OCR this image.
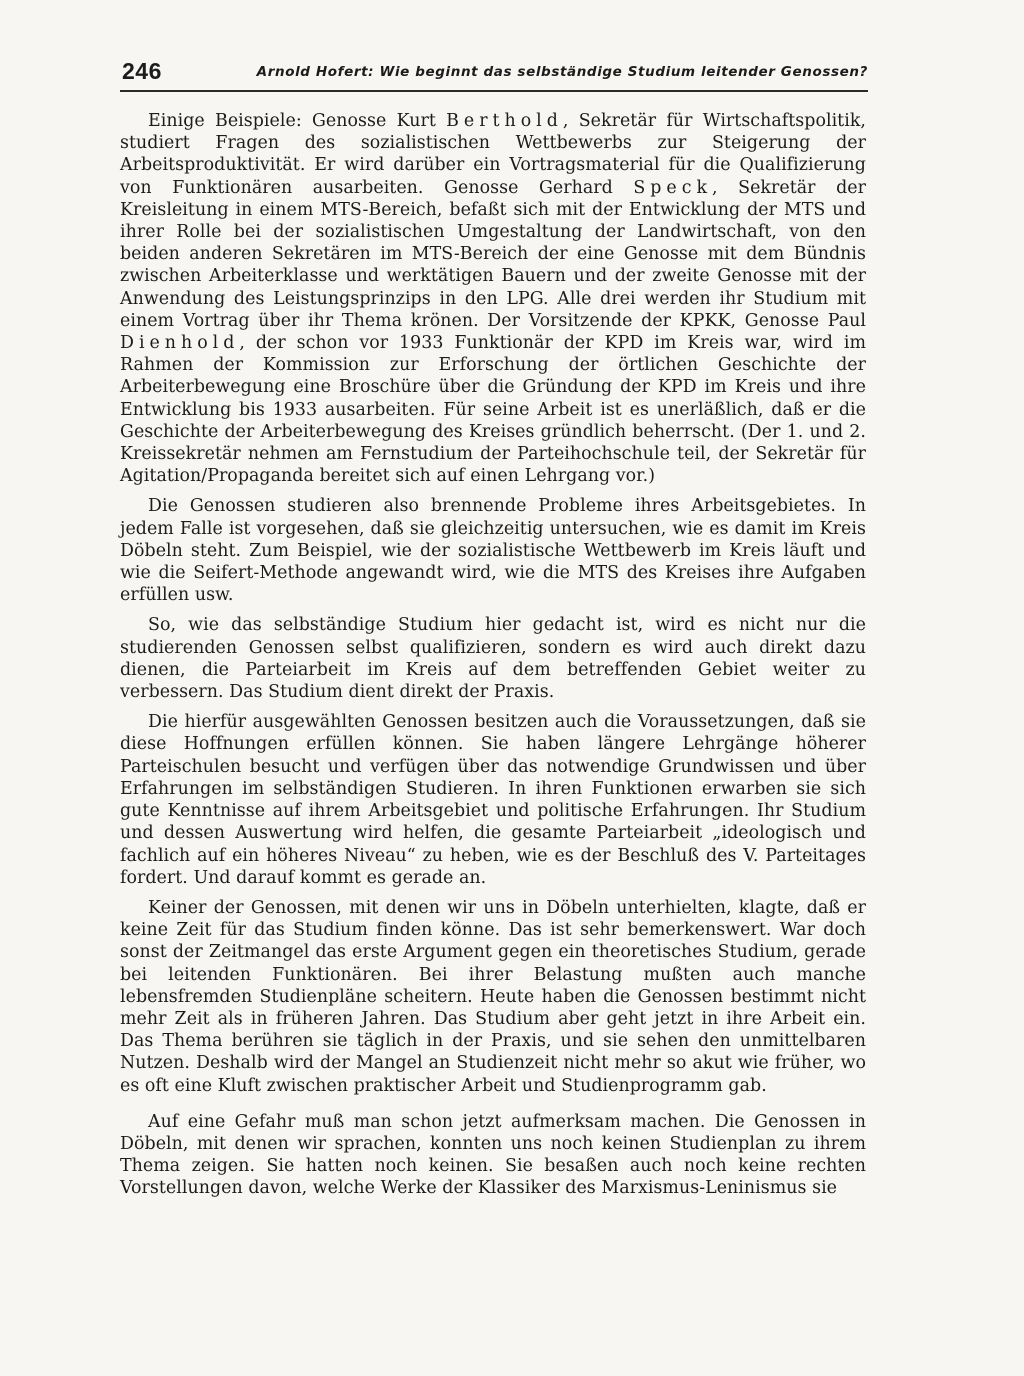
246	Arnold Hofert: Wie beginnt das selbständige Studium leitender Genossen?

Einige Beispiele: Genosse Kurt Berthold, Sekretär für Wirtschaftspolitik, studiert Fragen des sozialistischen Wettbewerbs zur Steigerung der Arbeitsproduktivität. Er wird darüber ein Vortragsmaterial für die Qualifizierung von Funktionären ausarbeiten. Genosse Gerhard Speck, Sekretär der Kreisleitung in einem MTS-Bereich, befaßt sich mit der Entwicklung der MTS und ihrer Rolle bei der sozialistischen Umgestaltung der Landwirtschaft, von den beiden anderen Sekretären im MTS-Bereich der eine Genosse mit dem Bündnis zwischen Arbeiterklasse und werktätigen Bauern und der zweite Genosse mit der Anwendung des Leistungsprinzips in den LPG. Alle drei werden ihr Studium mit einem Vortrag über ihr Thema krönen. Der Vorsitzende der KPKK, Genosse Paul Dienhold, der schon vor 1933 Funktionär der KPD im Kreis war, wird im Rahmen der Kommission zur Erforschung der örtlichen Geschichte der Arbeiterbewegung eine Broschüre über die Gründung der KPD im Kreis und ihre Entwicklung bis 1933 ausarbeiten. Für seine Arbeit ist es unerläßlich, daß er die Geschichte der Arbeiterbewegung des Kreises gründlich beherrscht. (Der 1. und 2. Kreissekretär nehmen am Fernstudium der Parteihochschule teil, der Sekretär für Agitation/Propaganda bereitet sich auf einen Lehrgang vor.)

Die Genossen studieren also brennende Probleme ihres Arbeitsgebietes. In jedem Falle ist vorgesehen, daß sie gleichzeitig untersuchen, wie es damit im Kreis Döbeln steht. Zum Beispiel, wie der sozialistische Wettbewerb im Kreis läuft und wie die Seifert-Methode angewandt wird, wie die MTS des Kreises ihre Aufgaben erfüllen usw.

So, wie das selbständige Studium hier gedacht ist, wird es nicht nur die studierenden Genossen selbst qualifizieren, sondern es wird auch direkt dazu dienen, die Parteiarbeit im Kreis auf dem betreffenden Gebiet weiter zu verbessern. Das Studium dient direkt der Praxis.

Die hierfür ausgewählten Genossen besitzen auch die Voraussetzungen, daß sie diese Hoffnungen erfüllen können. Sie haben längere Lehrgänge höherer Parteischulen besucht und verfügen über das notwendige Grundwissen und über Erfahrungen im selbständigen Studieren. In ihren Funktionen erwarben sie sich gute Kenntnisse auf ihrem Arbeitsgebiet und politische Erfahrungen. Ihr Studium und dessen Auswertung wird helfen, die gesamte Parteiarbeit „ideologisch und fachlich auf ein höheres Niveau“ zu heben, wie es der Beschluß des V. Parteitages fordert. Und darauf kommt es gerade an.

Keiner der Genossen, mit denen wir uns in Döbeln unterhielten, klagte, daß er keine Zeit für das Studium finden könne. Das ist sehr bemerkenswert. War doch sonst der Zeitmangel das erste Argument gegen ein theoretisches Studium, gerade bei leitenden Funktionären. Bei ihrer Belastung mußten auch manche lebensfremden Studienpläne scheitern. Heute haben die Genossen bestimmt nicht mehr Zeit als in früheren Jahren. Das Studium aber geht jetzt in ihre Arbeit ein. Das Thema berühren sie täglich in der Praxis, und sie sehen den unmittelbaren Nutzen. Deshalb wird der Mangel an Studienzeit nicht mehr so akut wie früher, wo es oft eine Kluft zwischen praktischer Arbeit und Studienprogramm gab.

Auf eine Gefahr muß man schon jetzt aufmerksam machen. Die Genossen in Döbeln, mit denen wir sprachen, konnten uns noch keinen Studienplan zu ihrem Thema zeigen. Sie hatten noch keinen. Sie besaßen auch noch keine rechten Vorstellungen davon, welche Werke der Klassiker des Marxismus-Leninismus sie
